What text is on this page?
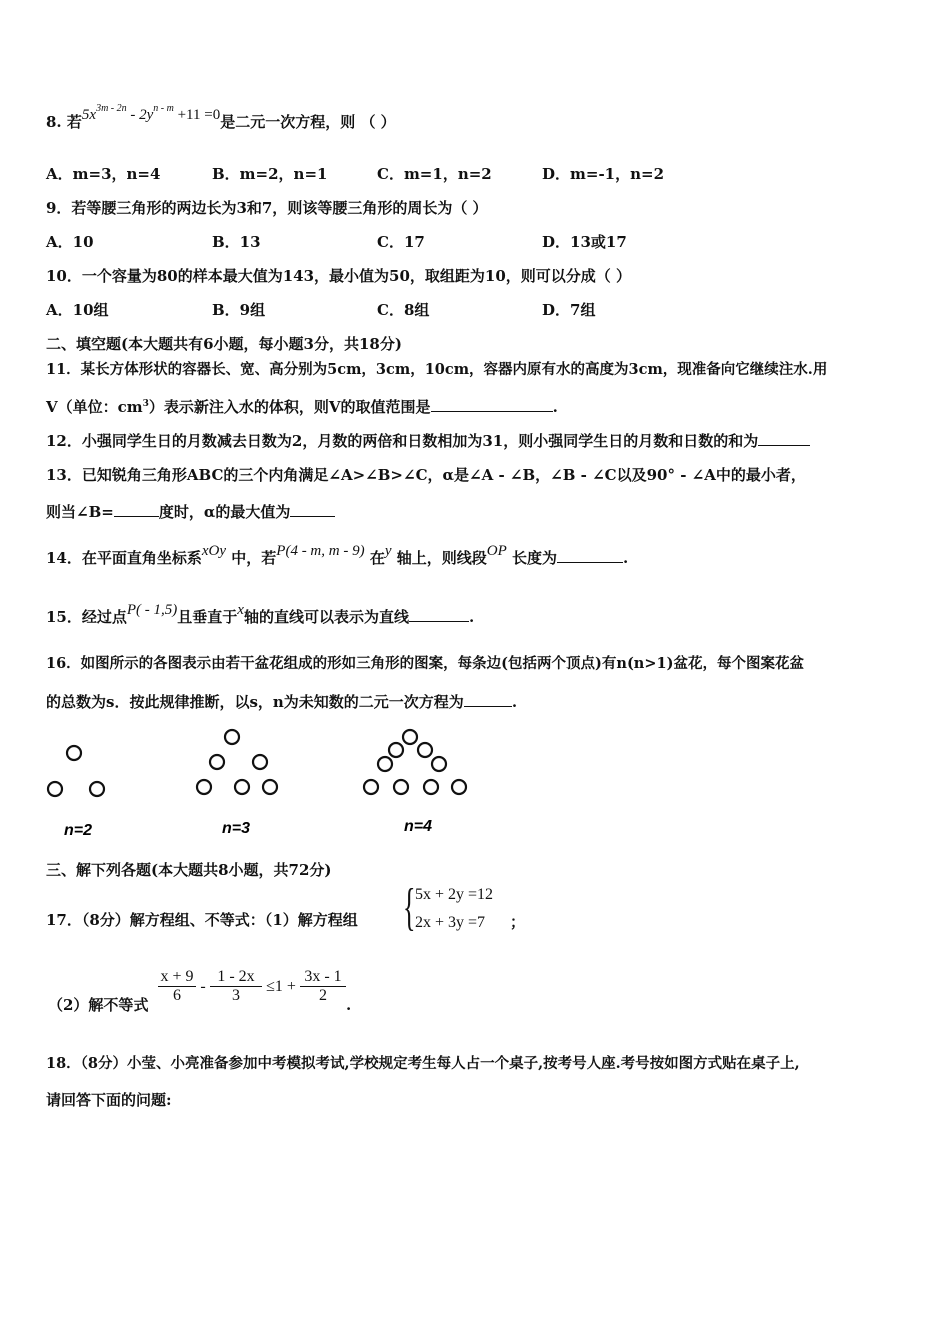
8. 若$5x^{3m - 2n} - 2y^{n - m} +11 =0$是二元一次方程，则 （ ）
A．m=3，n=4	B．m=2，n=1	C．m=1，n=2	D．m=-1，n=2
9．若等腰三角形的两边长为3和7，则该等腰三角形的周长为（ ）
A．10	B．13	C．17	D．13或17
10．一个容量为80的样本最大值为143，最小值为50，取组距为10，则可以分成（ ）
A．10组	B．9组	C．8组	D．7组
二、填空题(本大题共有6小题，每小题3分，共18分)
11．某长方体形状的容器长、宽、高分别为5cm，3cm，10cm，容器内原有水的高度为3cm，现准备向它继续注水.用
V（单位：$cm^3$）表示新注入水的体积，则V的取值范围是	.
12．小强同学生日的月数减去日数为2，月数的两倍和日数相加为31，则小强同学生日的月数和日数的和为
13．已知锐角三角形ABC的三个内角满足∠A>∠B>∠C，α是∠A - ∠B，∠B - ∠C以及90° - ∠A中的最小者，
则当∠B=	度时，α的最大值为
14．在平面直角坐标系xOy 中，若P(4 - m, m - 9) 在y 轴上，则线段OP 长度为	.
15．经过点P( - 1,5)且垂直于x轴的直线可以表示为直线	.
16．如图所示的各图表示由若干盆花组成的形如三角形的图案，每条边(包括两个顶点)有n(n>1)盆花，每个图案花盆
的总数为s．按此规律推断，以s，n为未知数的二元一次方程为	.
n=2	n=3	n=4
三、解下列各题(本大题共8小题，共72分)
17．（8分）解方程组、不等式：（1）解方程组 { 5x + 2y =12
2x + 3y =7 ；
（2）解不等式
x + 9
6
-
1 - 2x
3
≤1 +
3x - 1
2
.
18．（8分）小莹、小亮准备参加中考模拟考试,学校规定考生每人占一个桌子,按考号人座.考号按如图方式贴在桌子上,
请回答下面的问题:
